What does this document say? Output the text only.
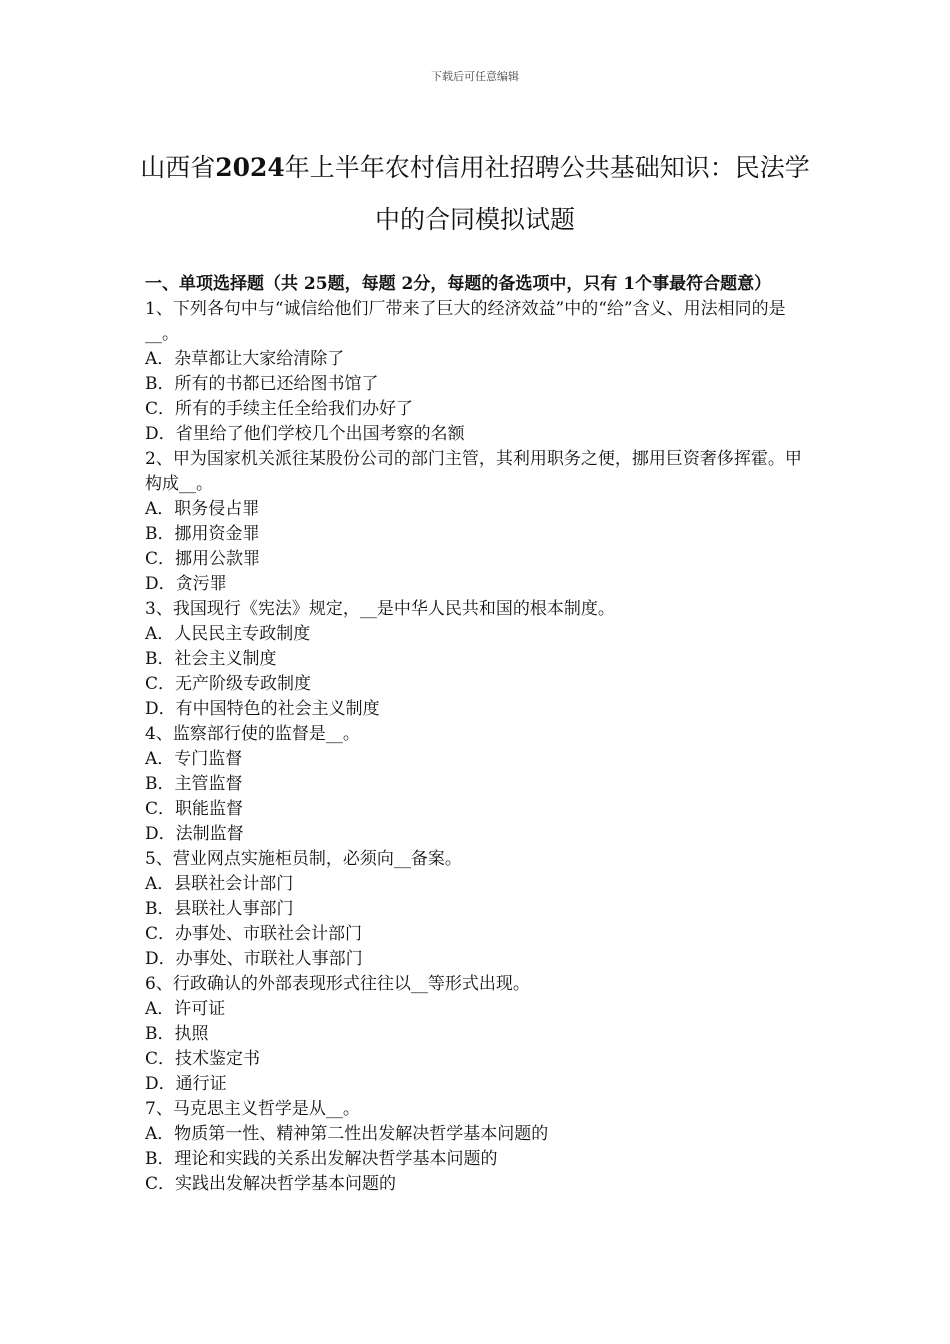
下载后可任意编辑
山西省2024年上半年农村信用社招聘公共基础知识：民法学中的合同模拟试题

一、单项选择题（共 25题，每题 2分，每题的备选项中，只有 1个事最符合题意）

1、下列各句中与“诚信给他们厂带来了巨大的经济效益”中的“给”含义、用法相同的是__。

A．杂草都让大家给清除了

B．所有的书都已还给图书馆了

C．所有的手续主任全给我们办好了

D．省里给了他们学校几个出国考察的名额

2、甲为国家机关派往某股份公司的部门主管，其利用职务之便，挪用巨资奢侈挥霍。甲构成__。

A．职务侵占罪

B．挪用资金罪

C．挪用公款罪

D．贪污罪

3、我国现行《宪法》规定，__是中华人民共和国的根本制度。

A．人民民主专政制度

B．社会主义制度

C．无产阶级专政制度

D．有中国特色的社会主义制度

4、监察部行使的监督是__。

A．专门监督

B．主管监督

C．职能监督

D．法制监督

5、营业网点实施柜员制，必须向__备案。

A．县联社会计部门

B．县联社人事部门

C．办事处、市联社会计部门

D．办事处、市联社人事部门

6、行政确认的外部表现形式往往以__等形式出现。

A．许可证

B．执照

C．技术鉴定书

D．通行证

7、马克思主义哲学是从__。

A．物质第一性、精神第二性出发解决哲学基本问题的

B．理论和实践的关系出发解决哲学基本问题的

C．实践出发解决哲学基本问题的
